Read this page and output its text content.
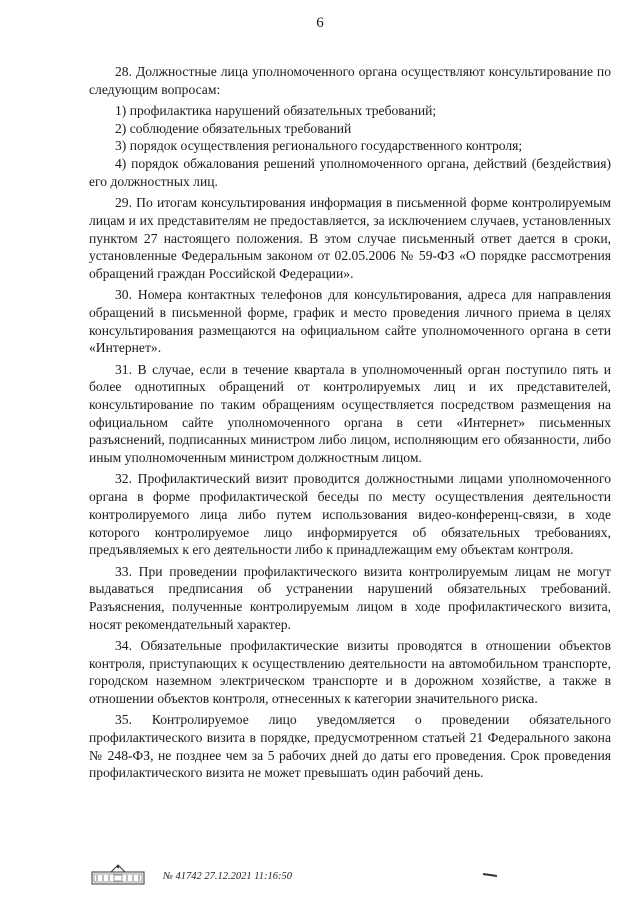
6

28. Должностные лица уполномоченного органа осуществляют консультирование по следующим вопросам:

1) профилактика нарушений обязательных требований;

2) соблюдение обязательных требований

3) порядок осуществления регионального государственного контроля;

4) порядок обжалования решений уполномоченного органа, действий (бездействия) его должностных лиц.

29. По итогам консультирования информация в письменной форме контролируемым лицам и их представителям не предоставляется, за исключением случаев, установленных пунктом 27 настоящего положения. В этом случае письменный ответ дается в сроки, установленные Федеральным законом от 02.05.2006 № 59-ФЗ «О порядке рассмотрения обращений граждан Российской Федерации».

30. Номера контактных телефонов для консультирования, адреса для направления обращений в письменной форме, график и место проведения личного приема в целях консультирования размещаются на официальном сайте уполномоченного органа в сети «Интернет».

31. В случае, если в течение квартала в уполномоченный орган поступило пять и более однотипных обращений от контролируемых лиц и их представителей, консультирование по таким обращениям осуществляется посредством размещения на официальном сайте уполномоченного органа в сети «Интернет» письменных разъяснений, подписанных министром либо лицом, исполняющим его обязанности, либо иным уполномоченным министром должностным лицом.

32. Профилактический визит проводится должностными лицами уполномоченного органа в форме профилактической беседы по месту осуществления деятельности контролируемого лица либо путем использования видео-конференц-связи, в ходе которого контролируемое лицо информируется об обязательных требованиях, предъявляемых к его деятельности либо к принадлежащим ему объектам контроля.

33. При проведении профилактического визита контролируемым лицам не могут выдаваться предписания об устранении нарушений обязательных требований. Разъяснения, полученные контролируемым лицом в ходе профилактического визита, носят рекомендательный характер.

34. Обязательные профилактические визиты проводятся в отношении объектов контроля, приступающих к осуществлению деятельности на автомобильном транспорте, городском наземном электрическом транспорте и в дорожном хозяйстве, а также в отношении объектов контроля, отнесенных к категории значительного риска.

35. Контролируемое лицо уведомляется о проведении обязательного профилактического визита в порядке, предусмотренном статьей 21 Федерального закона № 248-ФЗ, не позднее чем за 5 рабочих дней до даты его проведения. Срок проведения профилактического визита не может превышать один рабочий день.

№ 41742 27.12.2021 11:16:50
